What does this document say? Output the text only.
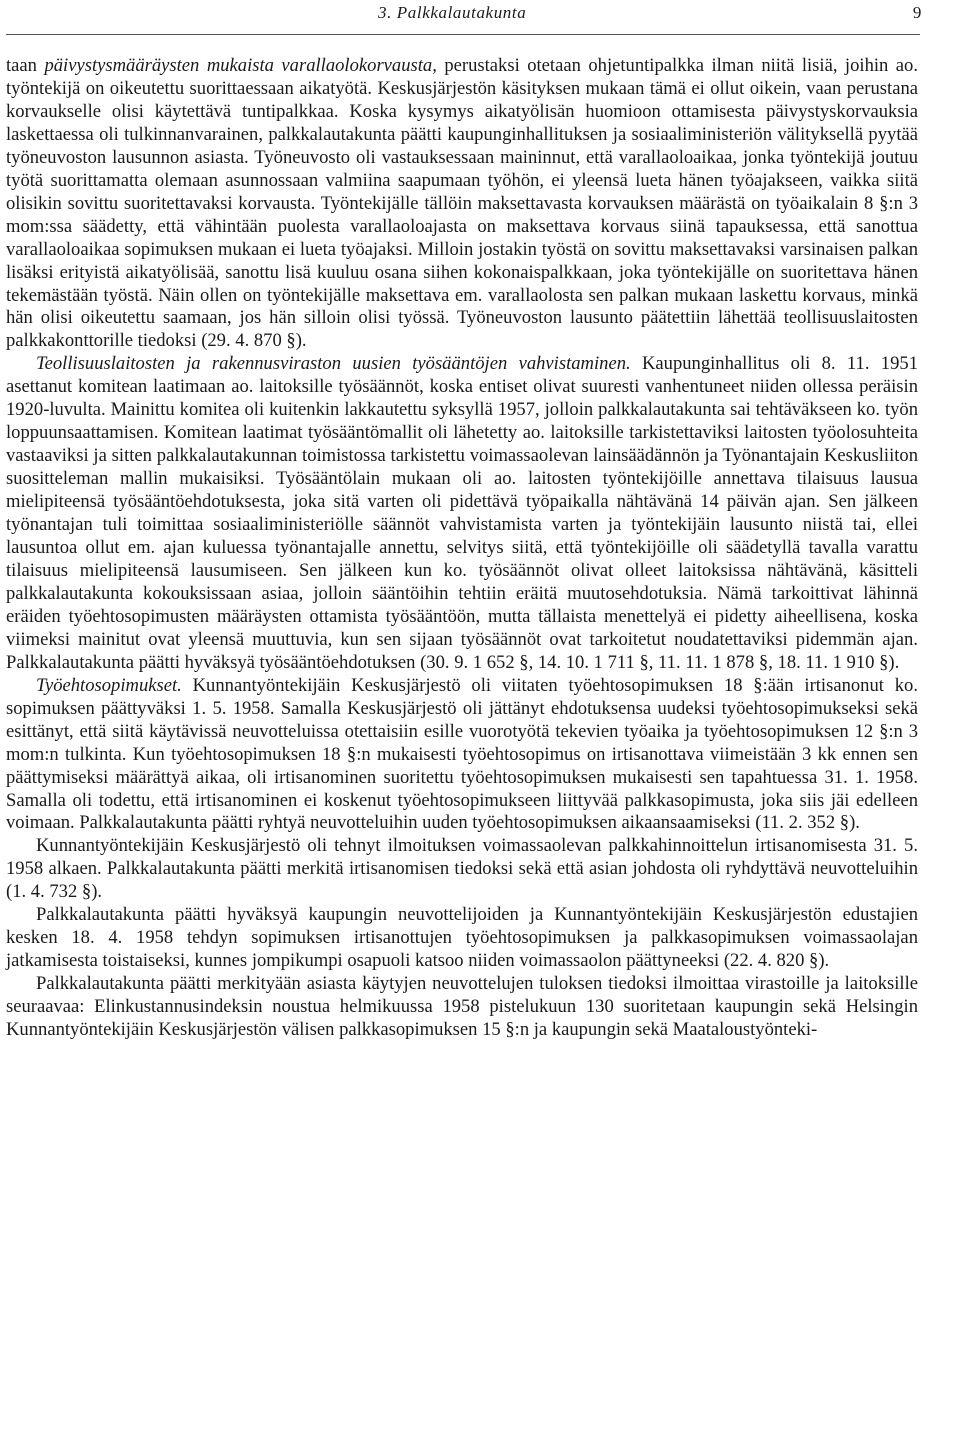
3. Palkkalautakunta	9

taan päivystysmääräysten mukaista varallaolokorvausta, perustaksi otetaan ohjetuntipalkka ilman niitä lisiä, joihin ao. työntekijä on oikeutettu suorittaessaan aikatyötä. Keskusjärjestön käsityksen mukaan tämä ei ollut oikein, vaan perustana korvaukselle olisi käytettävä tuntipalkkaa. Koska kysymys aikatyölisän huomioon ottamisesta päivystyskorvauksia laskettaessa oli tulkinnanvarainen, palkkalautakunta päätti kaupunginhallituksen ja sosiaaliministeriön välityksellä pyytää työneuvoston lausunnon asiasta. Työneuvosto oli vastauksessaan maininnut, että varallaoloaikaa, jonka työntekijä joutuu työtä suorittamatta olemaan asunnossaan valmiina saapumaan työhön, ei yleensä lueta hänen työajakseen, vaikka siitä olisikin sovittu suoritettavaksi korvausta. Työntekijälle tällöin maksettavasta korvauksen määrästä on työaikalain 8 §:n 3 mom:ssa säädetty, että vähintään puolesta varallaoloajasta on maksettava korvaus siinä tapauksessa, että sanottua varallaoloaikaa sopimuksen mukaan ei lueta työajaksi. Milloin jostakin työstä on sovittu maksettavaksi varsinaisen palkan lisäksi erityistä aikatyölisää, sanottu lisä kuuluu osana siihen kokonaispalkkaan, joka työntekijälle on suoritettava hänen tekemästään työstä. Näin ollen on työntekijälle maksettava em. varallaolosta sen palkan mukaan laskettu korvaus, minkä hän olisi oikeutettu saamaan, jos hän silloin olisi työssä. Työneuvoston lausunto päätettiin lähettää teollisuuslaitosten palkkakonttorille tiedoksi (29. 4. 870 §).

Teollisuuslaitosten ja rakennusviraston uusien työsääntöjen vahvistaminen. Kaupunginhallitus oli 8. 11. 1951 asettanut komitean laatimaan ao. laitoksille työsäännöt, koska entiset olivat suuresti vanhentuneet niiden ollessa peräisin 1920-luvulta. Mainittu komitea oli kuitenkin lakkautettu syksyllä 1957, jolloin palkkalautakunta sai tehtäväkseen ko. työn loppuunsaattamisen. Komitean laatimat työsääntömallit oli lähetetty ao. laitoksille tarkistettaviksi laitosten työolosuhteita vastaaviksi ja sitten palkkalautakunnan toimistossa tarkistettu voimassaolevan lainsäädännön ja Työnantajain Keskusliiton suositteleman mallin mukaisiksi. Työsääntölain mukaan oli ao. laitosten työntekijöille annettava tilaisuus lausua mielipiteensä työsääntöehdotuksesta, joka sitä varten oli pidettävä työpaikalla nähtävänä 14 päivän ajan. Sen jälkeen työnantajan tuli toimittaa sosiaaliministeriölle säännöt vahvistamista varten ja työntekijäin lausunto niistä tai, ellei lausuntoa ollut em. ajan kuluessa työnantajalle annettu, selvitys siitä, että työntekijöille oli säädetyllä tavalla varattu tilaisuus mielipiteensä lausumiseen. Sen jälkeen kun ko. työsäännöt olivat olleet laitoksissa nähtävänä, käsitteli palkkalautakunta kokouksissaan asiaa, jolloin sääntöihin tehtiin eräitä muutosehdotuksia. Nämä tarkoittivat lähinnä eräiden työehtosopimusten määräysten ottamista työsääntöön, mutta tällaista menettelyä ei pidetty aiheellisena, koska viimeksi mainitut ovat yleensä muuttuvia, kun sen sijaan työsäännöt ovat tarkoitetut noudatettaviksi pidemmän ajan. Palkkalautakunta päätti hyväksyä työsääntöehdotuksen (30. 9. 1 652 §, 14. 10. 1 711 §, 11. 11. 1 878 §, 18. 11. 1 910 §).

Työehtosopimukset. Kunnantyöntekijäin Keskusjärjestö oli viitaten työehtosopimuksen 18 §:ään irtisanonut ko. sopimuksen päättyväksi 1. 5. 1958. Samalla Keskusjärjestö oli jättänyt ehdotuksensa uudeksi työehtosopimukseksi sekä esittänyt, että siitä käytävissä neuvotteluissa otettaisiin esille vuorotyötä tekevien työaika ja työehtosopimuksen 12 §:n 3 mom:n tulkinta. Kun työehtosopimuksen 18 §:n mukaisesti työehtosopimus on irtisanottava viimeistään 3 kk ennen sen päättymiseksi määrättyä aikaa, oli irtisanominen suoritettu työehtosopimuksen mukaisesti sen tapahtuessa 31. 1. 1958. Samalla oli todettu, että irtisanominen ei koskenut työehtosopimukseen liittyvää palkkasopimusta, joka siis jäi edelleen voimaan. Palkkalautakunta päätti ryhtyä neuvotteluihin uuden työehtosopimuksen aikaansaamiseksi (11. 2. 352 §).

Kunnantyöntekijäin Keskusjärjestö oli tehnyt ilmoituksen voimassaolevan palkkahinnoittelun irtisanomisesta 31. 5. 1958 alkaen. Palkkalautakunta päätti merkitä irtisanomisen tiedoksi sekä että asian johdosta oli ryhdyttävä neuvotteluihin (1. 4. 732 §).

Palkkalautakunta päätti hyväksyä kaupungin neuvottelijoiden ja Kunnantyöntekijäin Keskusjärjestön edustajien kesken 18. 4. 1958 tehdyn sopimuksen irtisanottujen työehtosopimuksen ja palkkasopimuksen voimassaolajan jatkamisesta toistaiseksi, kunnes jompikumpi osapuoli katsoo niiden voimassaolon päättyneeksi (22. 4. 820 §).

Palkkalautakunta päätti merkityään asiasta käytyjen neuvottelujen tuloksen tiedoksi ilmoittaa virastoille ja laitoksille seuraavaa: Elinkustannusindeksin noustua helmikuussa 1958 pistelukuun 130 suoritetaan kaupungin sekä Helsingin Kunnantyöntekijäin Keskusjärjestön välisen palkkasopimuksen 15 §:n ja kaupungin sekä Maataloustyönteki-
